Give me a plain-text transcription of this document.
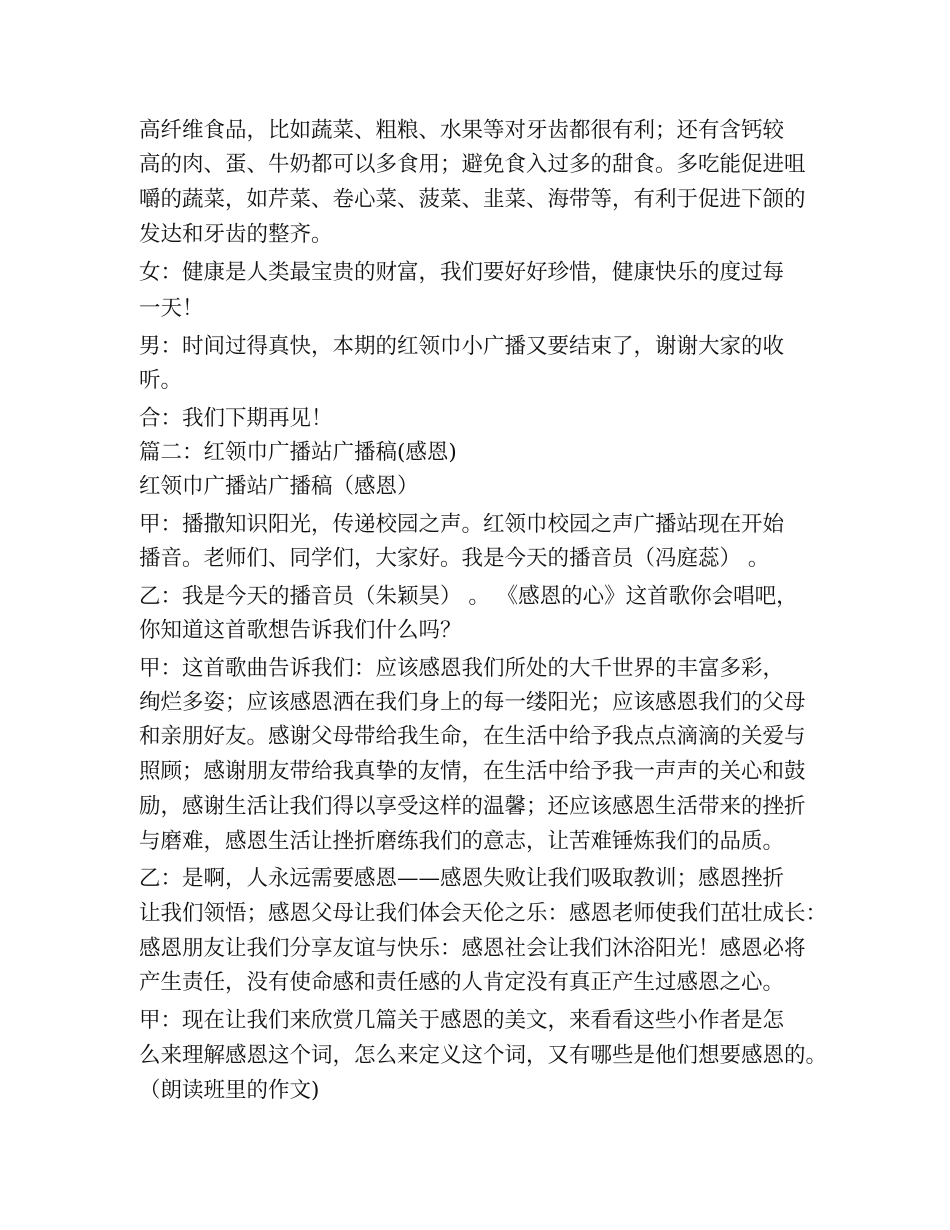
高纤维食品，比如蔬菜、粗粮、水果等对牙齿都很有利；还有含钙较
高的肉、蛋、牛奶都可以多食用；避免食入过多的甜食。多吃能促进咀
嚼的蔬菜，如芹菜、卷心菜、菠菜、韭菜、海带等，有利于促进下颌的
发达和牙齿的整齐。
女：健康是人类最宝贵的财富，我们要好好珍惜，健康快乐的度过每
一天！
男：时间过得真快，本期的红领巾小广播又要结束了，谢谢大家的收
听。
合：我们下期再见！
篇二：红领巾广播站广播稿(感恩)
红领巾广播站广播稿（感恩）
甲：播撒知识阳光，传递校园之声。红领巾校园之声广播站现在开始
播音。老师们、同学们，大家好。我是今天的播音员（冯庭蕊） 。
乙：我是今天的播音员（朱颖昊） 。 《感恩的心》这首歌你会唱吧，
你知道这首歌想告诉我们什么吗？
甲：这首歌曲告诉我们：应该感恩我们所处的大千世界的丰富多彩，
绚烂多姿；应该感恩洒在我们身上的每一缕阳光；应该感恩我们的父母
和亲朋好友。感谢父母带给我生命，在生活中给予我点点滴滴的关爱与
照顾；感谢朋友带给我真挚的友情，在生活中给予我一声声的关心和鼓
励，感谢生活让我们得以享受这样的温馨；还应该感恩生活带来的挫折
与磨难，感恩生活让挫折磨练我们的意志，让苦难锤炼我们的品质。
乙：是啊，人永远需要感恩——感恩失败让我们吸取教训；感恩挫折
让我们领悟；感恩父母让我们体会天伦之乐：感恩老师使我们茁壮成长：
感恩朋友让我们分享友谊与快乐：感恩社会让我们沐浴阳光！感恩必将
产生责任，没有使命感和责任感的人肯定没有真正产生过感恩之心。
甲：现在让我们来欣赏几篇关于感恩的美文，来看看这些小作者是怎
么来理解感恩这个词，怎么来定义这个词，又有哪些是他们想要感恩的。
（朗读班里的作文)
